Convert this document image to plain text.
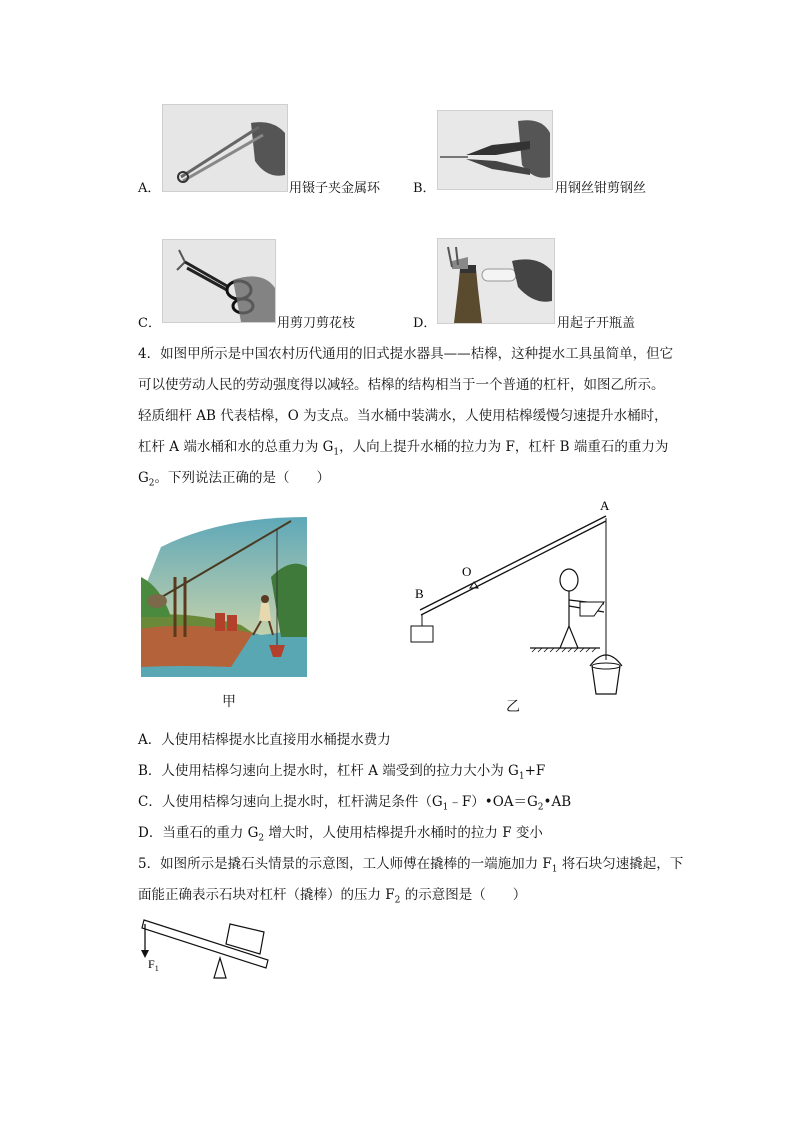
A．	用镊子夹金属环	B．	用钢丝钳剪钢丝
C．	用剪刀剪花枝	D．	用起子开瓶盖
4．如图甲所示是中国农村历代通用的旧式提水器具——桔槔，这种提水工具虽简单，但它
可以使劳动人民的劳动强度得以减轻。桔槔的结构相当于一个普通的杠杆，如图乙所示。
轻质细杆 AB 代表桔槔，O 为支点。当水桶中装满水，人使用桔槔缓慢匀速提升水桶时，
杠杆 A 端水桶和水的总重力为 $G_1$，人向上提升水桶的拉力为 F，杠杆 B 端重石的重力为
$G_2$。下列说法正确的是（　　）
甲
A
B
O
乙
A．人使用桔槔提水比直接用水桶提水费力
B．人使用桔槔匀速向上提水时，杠杆 A 端受到的拉力大小为 $G_1+F$
C．人使用桔槔匀速向上提水时，杠杆满足条件$(G_1﹣F)•OA=G_2•AB$
D．当重石的重力 $G_2$ 增大时，人使用桔槔提升水桶时的拉力 F 变小
5．如图所示是撬石头情景的示意图，工人师傅在撬棒的一端施加力 $F_1$ 将石块匀速撬起，下
面能正确表示石块对杠杆（撬棒）的压力 $F_2$ 的示意图是（　　）
$F_1$
